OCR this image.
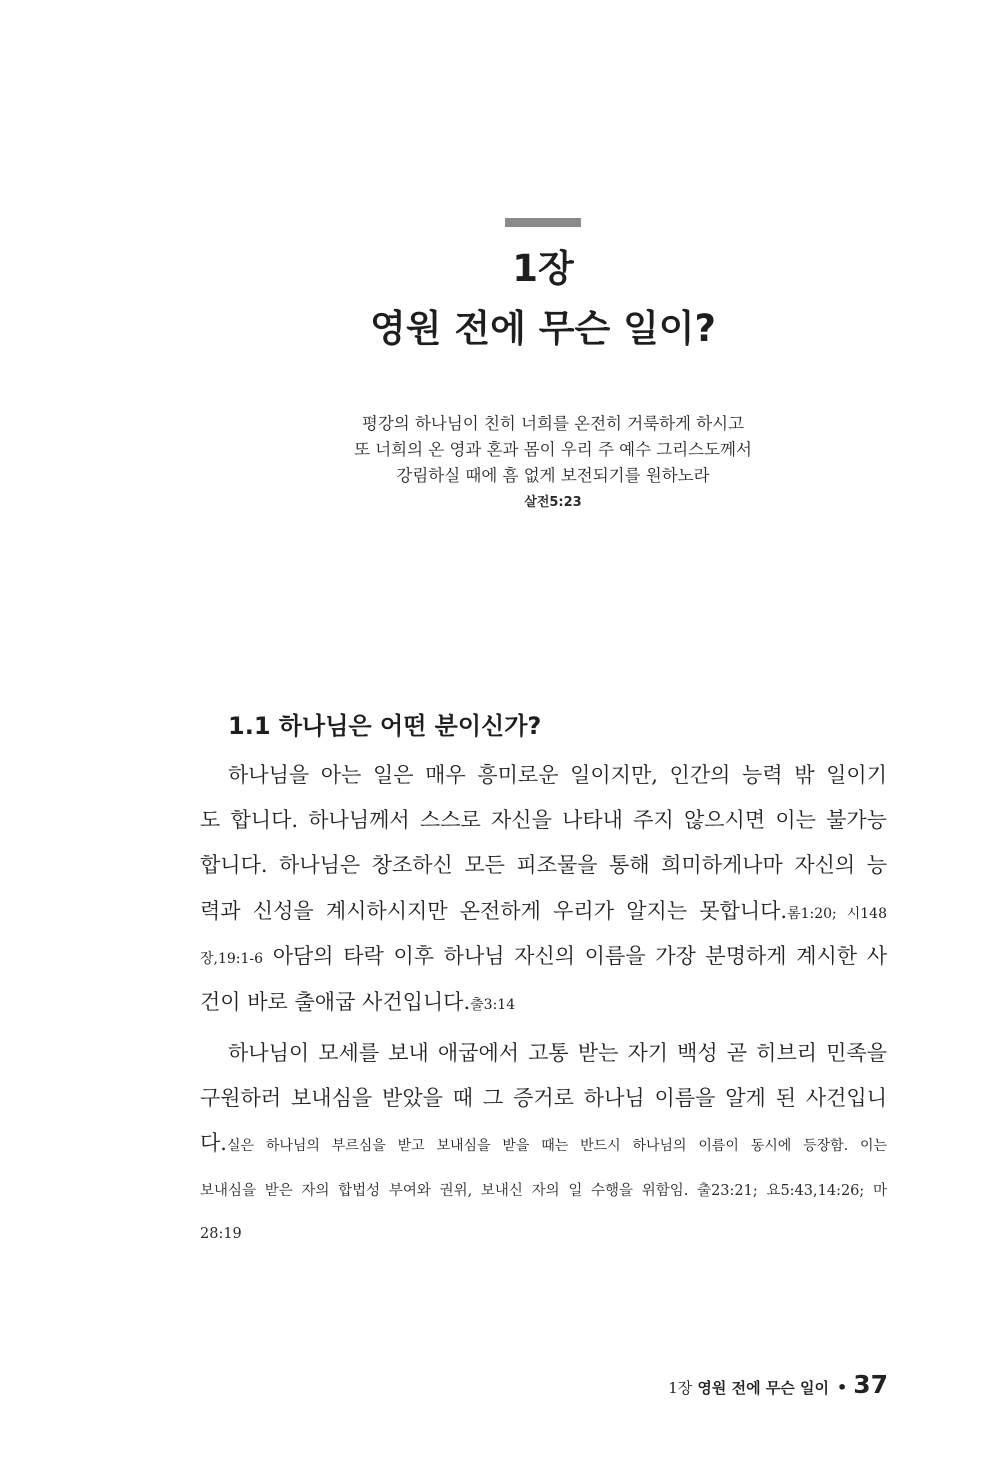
1장
영원 전에 무슨 일이?
평강의 하나님이 친히 너희를 온전히 거룩하게 하시고
또 너희의 온 영과 혼과 몸이 우리 주 예수 그리스도께서
강림하실 때에 흠 없게 보전되기를 원하노라
살전5:23
1.1 하나님은 어떤 분이신가?
하나님을 아는 일은 매우 흥미로운 일이지만, 인간의 능력 밖 일이기
도 합니다. 하나님께서 스스로 자신을 나타내 주지 않으시면 이는 불가능
합니다. 하나님은 창조하신 모든 피조물을 통해 희미하게나마 자신의 능
력과 신성을 계시하시지만 온전하게 우리가 알지는 못합니다.롬1:20; 시148
장,19:1-6 아담의 타락 이후 하나님 자신의 이름을 가장 분명하게 계시한 사
건이 바로 출애굽 사건입니다.출3:14
하나님이 모세를 보내 애굽에서 고통 받는 자기 백성 곧 히브리 민족을
구원하러 보내심을 받았을 때 그 증거로 하나님 이름을 알게 된 사건입니
다.실은 하나님의 부르심을 받고 보내심을 받을 때는 반드시 하나님의 이름이 동시에 등장함. 이는
보내심을 받은 자의 합법성 부여와 권위, 보내신 자의 일 수행을 위함임. 출23:21; 요5:43,14:26; 마
28:19
1장 영원 전에 무슨 일이 • 37
